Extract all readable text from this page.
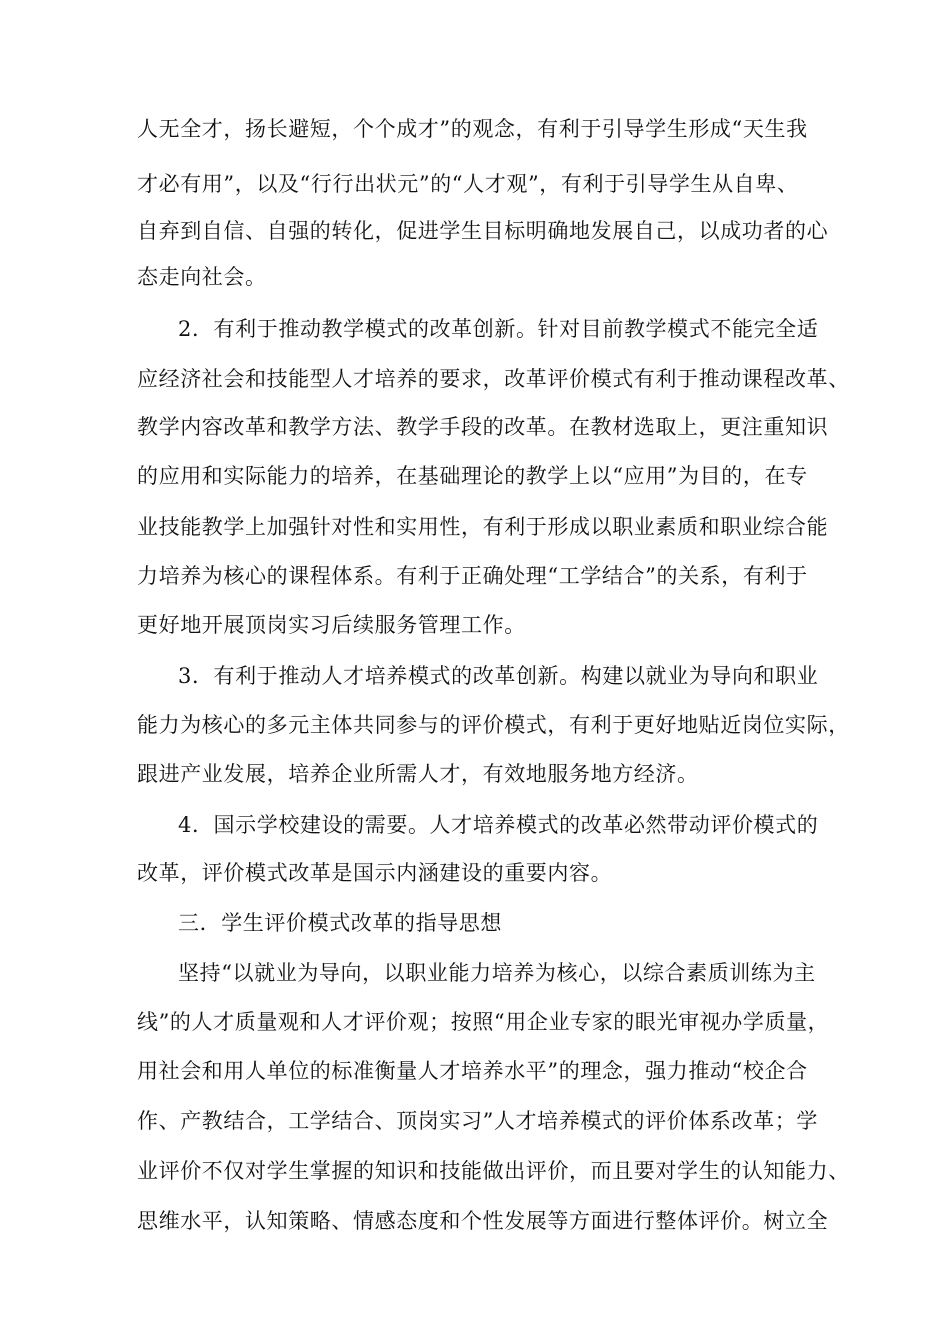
人无全才，扬长避短，个个成才”的观念，有利于引导学生形成“天生我
才必有用”，以及“行行出状元”的“人才观”，有利于引导学生从自卑、
自弃到自信、自强的转化，促进学生目标明确地发展自己，以成功者的心
态走向社会。
2．有利于推动教学模式的改革创新。针对目前教学模式不能完全适
应经济社会和技能型人才培养的要求，改革评价模式有利于推动课程改革、
教学内容改革和教学方法、教学手段的改革。在教材选取上，更注重知识
的应用和实际能力的培养，在基础理论的教学上以“应用”为目的，在专
业技能教学上加强针对性和实用性，有利于形成以职业素质和职业综合能
力培养为核心的课程体系。有利于正确处理“工学结合”的关系，有利于
更好地开展顶岗实习后续服务管理工作。
3．有利于推动人才培养模式的改革创新。构建以就业为导向和职业
能力为核心的多元主体共同参与的评价模式，有利于更好地贴近岗位实际，
跟进产业发展，培养企业所需人才，有效地服务地方经济。
4．国示学校建设的需要。人才培养模式的改革必然带动评价模式的
改革，评价模式改革是国示内涵建设的重要内容。
三．学生评价模式改革的指导思想
坚持“以就业为导向，以职业能力培养为核心，以综合素质训练为主
线”的人才质量观和人才评价观；按照“用企业专家的眼光审视办学质量，
用社会和用人单位的标准衡量人才培养水平”的理念，强力推动“校企合
作、产教结合，工学结合、顶岗实习”人才培养模式的评价体系改革；学
业评价不仅对学生掌握的知识和技能做出评价，而且要对学生的认知能力、
思维水平，认知策略、情感态度和个性发展等方面进行整体评价。树立全
